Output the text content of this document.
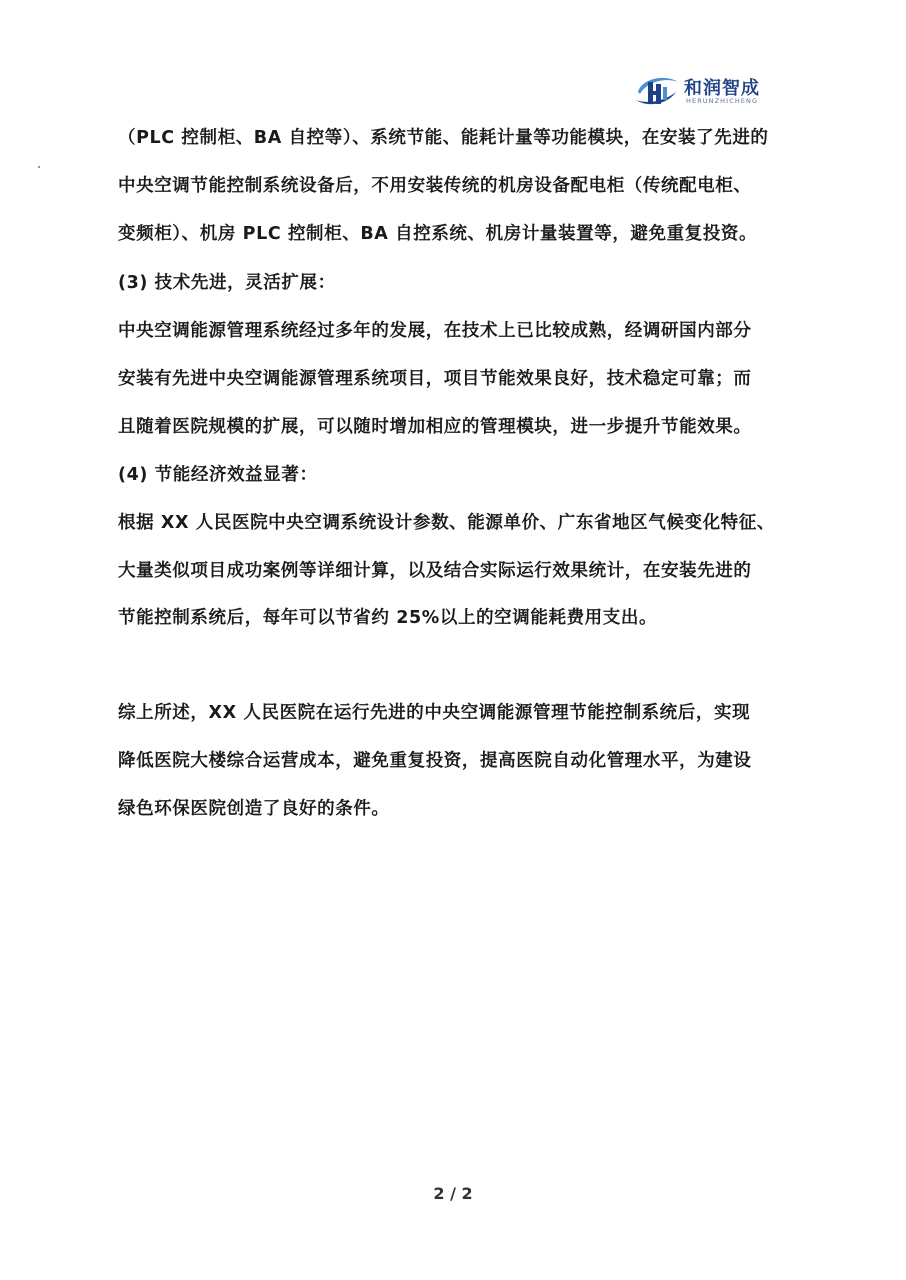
和润智成
HERUNZHICHENG
（PLC 控制柜、BA 自控等）、系统节能、能耗计量等功能模块，在安装了先进的
中央空调节能控制系统设备后，不用安装传统的机房设备配电柜（传统配电柜、
变频柜）、机房 PLC 控制柜、BA 自控系统、机房计量装置等，避免重复投资。
(3) 技术先进，灵活扩展：
中央空调能源管理系统经过多年的发展，在技术上已比较成熟，经调研国内部分
安装有先进中央空调能源管理系统项目，项目节能效果良好，技术稳定可靠；而
且随着医院规模的扩展，可以随时增加相应的管理模块，进一步提升节能效果。
(4) 节能经济效益显著：
根据 XX 人民医院中央空调系统设计参数、能源单价、广东省地区气候变化特征、
大量类似项目成功案例等详细计算，以及结合实际运行效果统计，在安装先进的
节能控制系统后，每年可以节省约 25%以上的空调能耗费用支出。
综上所述，XX 人民医院在运行先进的中央空调能源管理节能控制系统后，实现
降低医院大楼综合运营成本，避免重复投资，提高医院自动化管理水平，为建设
绿色环保医院创造了良好的条件。
2 / 2
